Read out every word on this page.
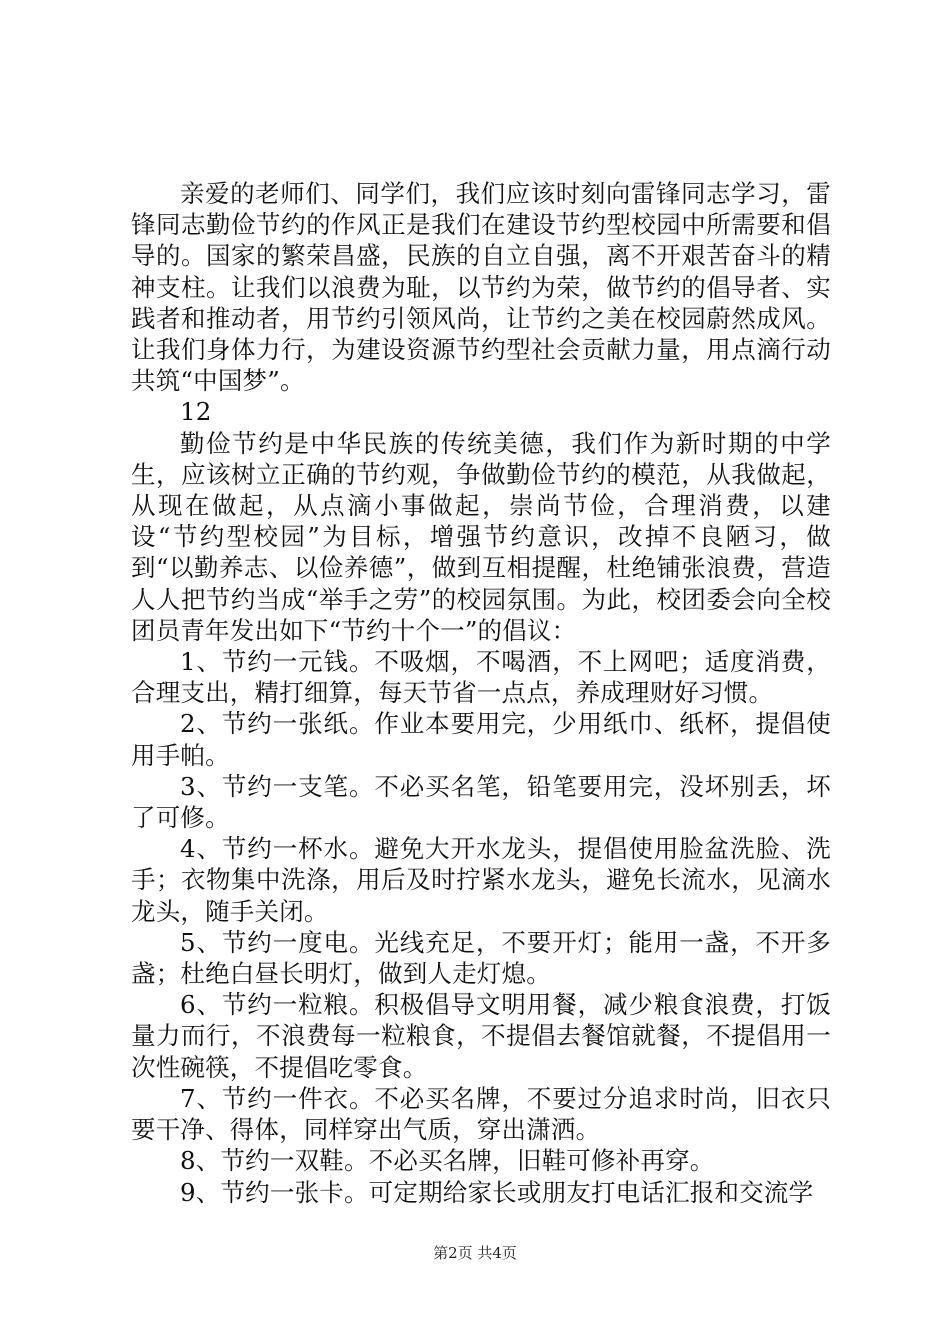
亲爱的老师们、同学们，我们应该时刻向雷锋同志学习，雷锋同志勤俭节约的作风正是我们在建设节约型校园中所需要和倡导的。国家的繁荣昌盛，民族的自立自强，离不开艰苦奋斗的精神支柱。让我们以浪费为耻，以节约为荣，做节约的倡导者、实践者和推动者，用节约引领风尚，让节约之美在校园蔚然成风。让我们身体力行，为建设资源节约型社会贡献力量，用点滴行动共筑“中国梦”。

12

勤俭节约是中华民族的传统美德，我们作为新时期的中学生，应该树立正确的节约观，争做勤俭节约的模范，从我做起，从现在做起，从点滴小事做起，崇尚节俭，合理消费，以建设“节约型校园”为目标，增强节约意识，改掉不良陋习，做到“以勤养志、以俭养德”，做到互相提醒，杜绝铺张浪费，营造人人把节约当成“举手之劳”的校园氛围。为此，校团委会向全校团员青年发出如下“节约十个一”的倡议：

1、节约一元钱。不吸烟，不喝酒，不上网吧；适度消费，合理支出，精打细算，每天节省一点点，养成理财好习惯。

2、节约一张纸。作业本要用完，少用纸巾、纸杯，提倡使用手帕。

3、节约一支笔。不必买名笔，铅笔要用完，没坏别丢，坏了可修。

4、节约一杯水。避免大开水龙头，提倡使用脸盆洗脸、洗手；衣物集中洗涤，用后及时拧紧水龙头，避免长流水，见滴水龙头，随手关闭。

5、节约一度电。光线充足，不要开灯；能用一盏，不开多盏；杜绝白昼长明灯，做到人走灯熄。

6、节约一粒粮。积极倡导文明用餐，减少粮食浪费，打饭量力而行，不浪费每一粒粮食，不提倡去餐馆就餐，不提倡用一次性碗筷，不提倡吃零食。

7、节约一件衣。不必买名牌，不要过分追求时尚，旧衣只要干净、得体，同样穿出气质，穿出潇洒。

8、节约一双鞋。不必买名牌，旧鞋可修补再穿。

9、节约一张卡。可定期给家长或朋友打电话汇报和交流学

第2页 共4页
